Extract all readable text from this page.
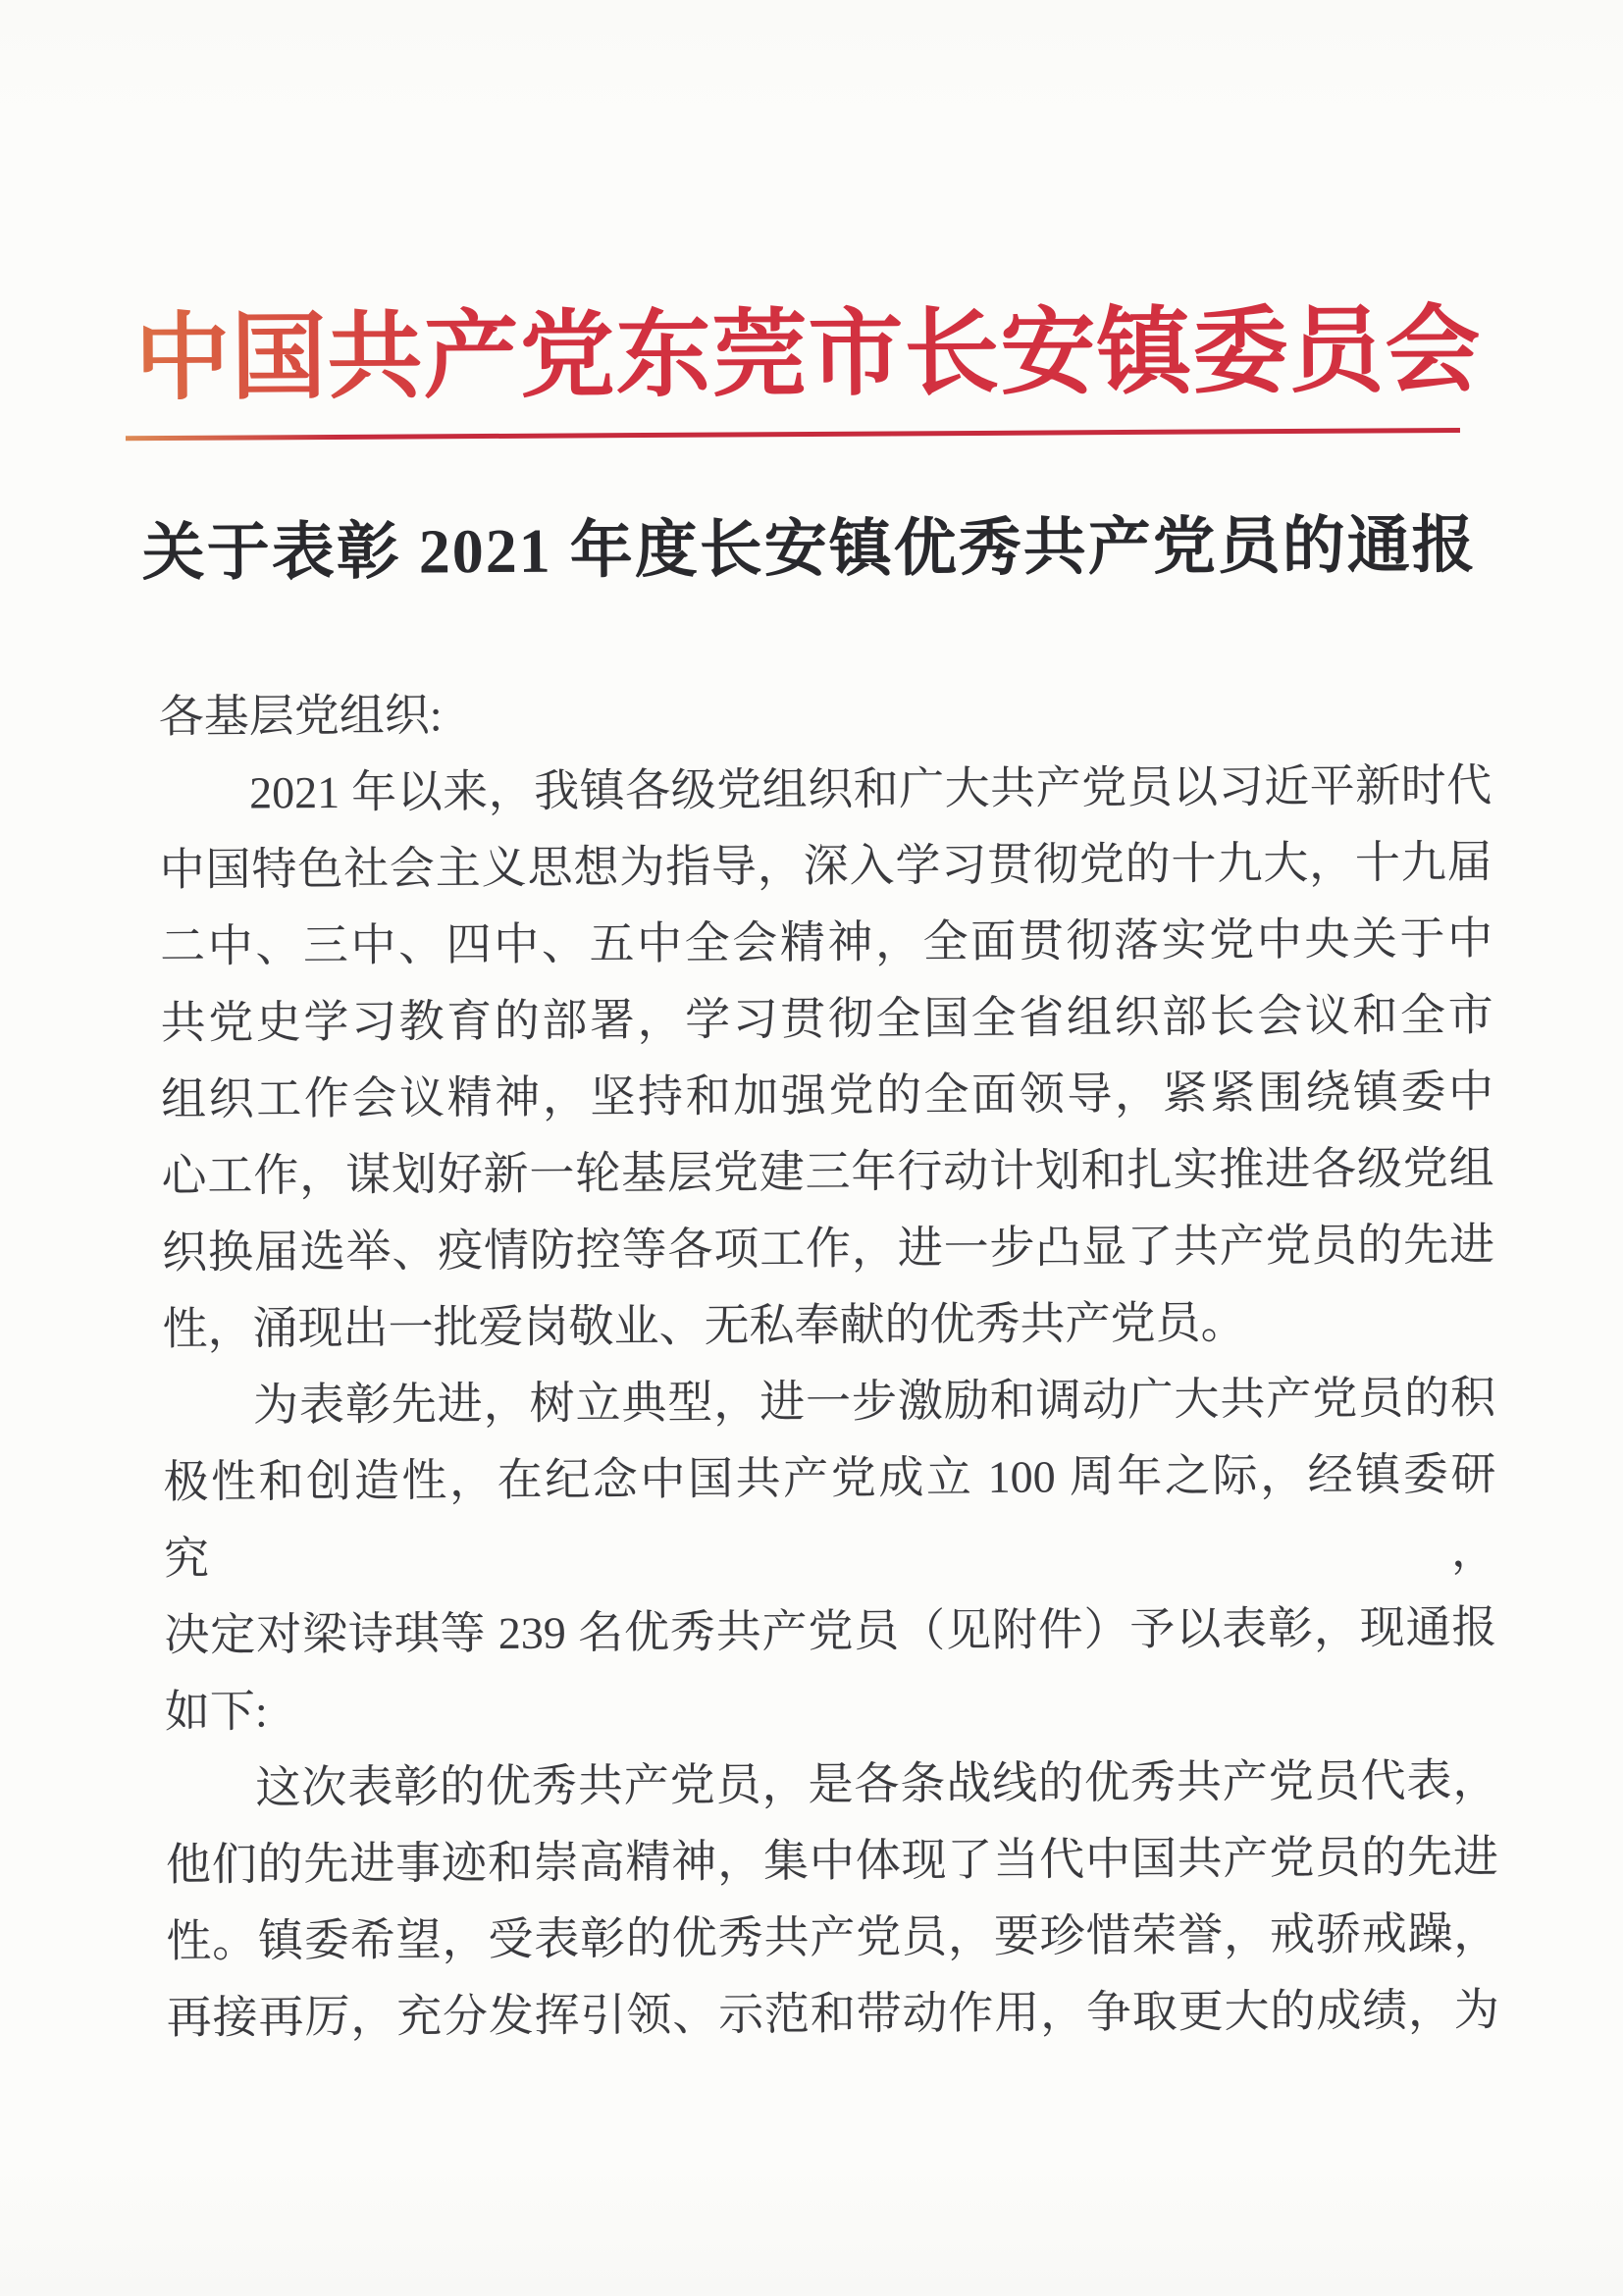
中国共产党东莞市长安镇委员会
关于表彰 2021 年度长安镇优秀共产党员的通报
各基层党组织:
2021 年以来，我镇各级党组织和广大共产党员以习近平新时代
中国特色社会主义思想为指导，深入学习贯彻党的十九大，十九届
二中、三中、四中、五中全会精神，全面贯彻落实党中央关于中
共党史学习教育的部署，学习贯彻全国全省组织部长会议和全市
组织工作会议精神，坚持和加强党的全面领导，紧紧围绕镇委中
心工作，谋划好新一轮基层党建三年行动计划和扎实推进各级党组
织换届选举、疫情防控等各项工作，进一步凸显了共产党员的先进
性，涌现出一批爱岗敬业、无私奉献的优秀共产党员。
为表彰先进，树立典型，进一步激励和调动广大共产党员的积
极性和创造性，在纪念中国共产党成立 100 周年之际，经镇委研究，
决定对梁诗琪等 239 名优秀共产党员（见附件）予以表彰，现通报
如下:
这次表彰的优秀共产党员，是各条战线的优秀共产党员代表，
他们的先进事迹和崇高精神，集中体现了当代中国共产党员的先进
性。镇委希望，受表彰的优秀共产党员，要珍惜荣誉，戒骄戒躁，
再接再厉，充分发挥引领、示范和带动作用，争取更大的成绩，为
